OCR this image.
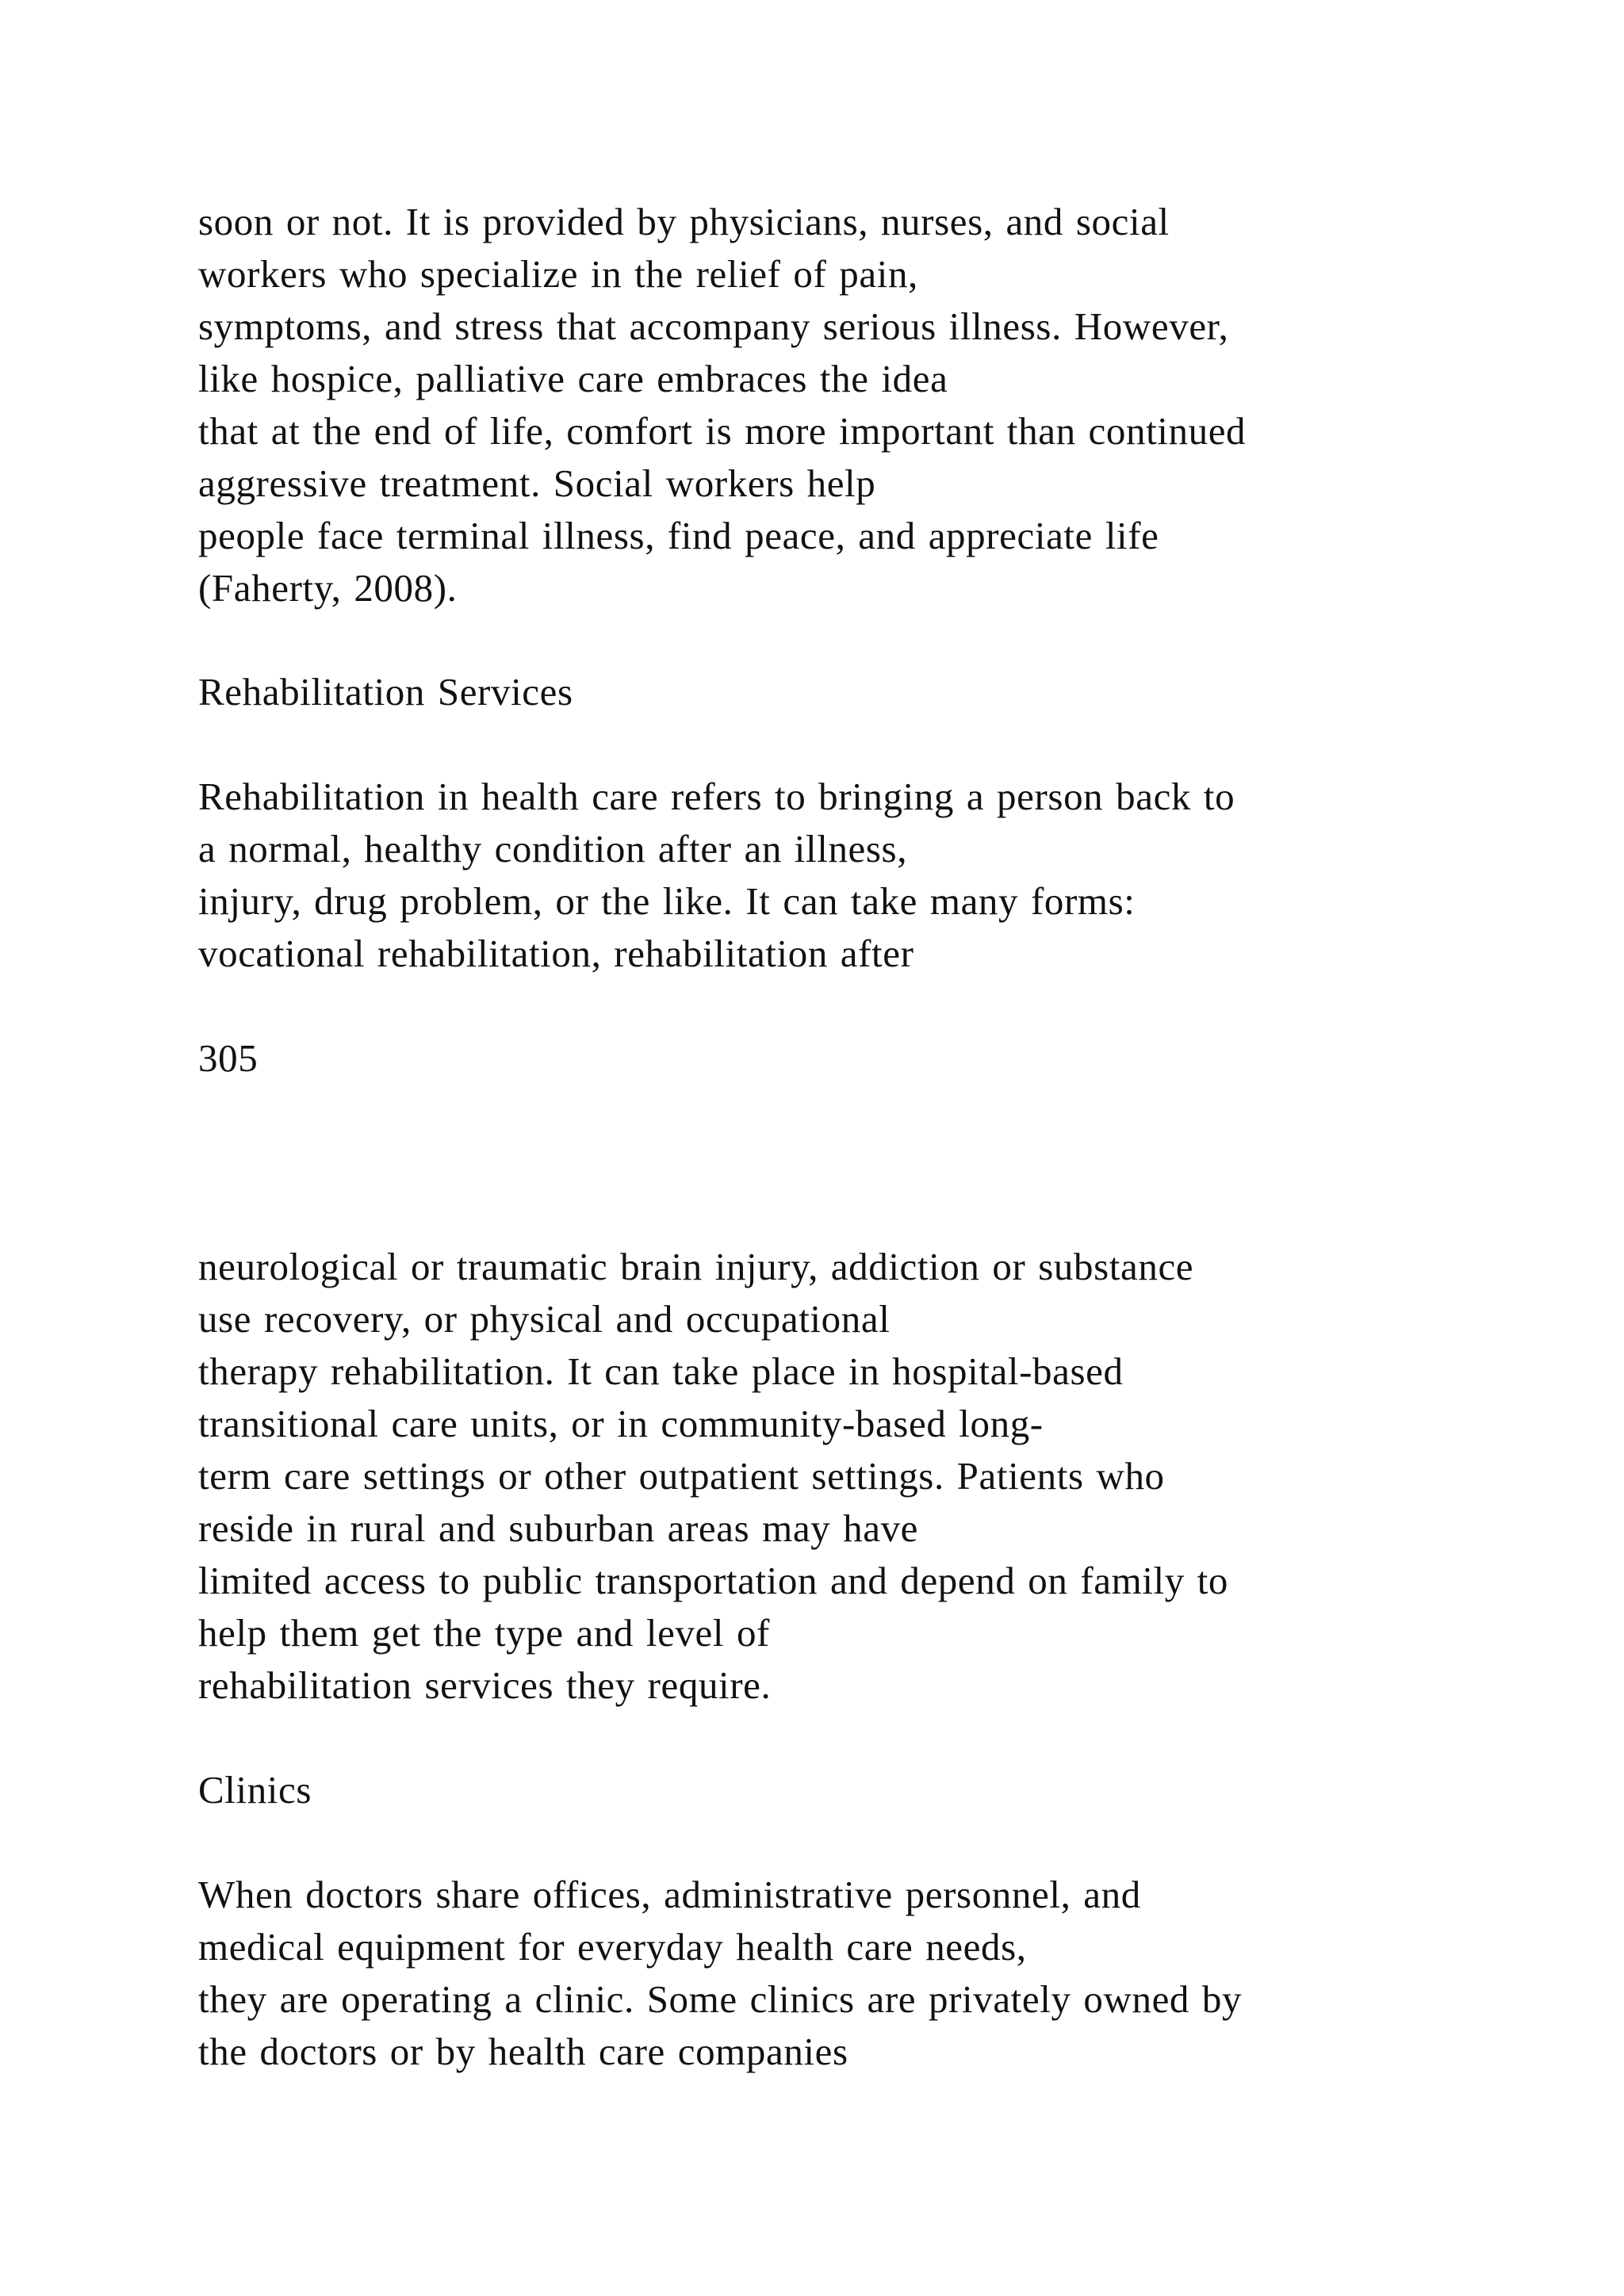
soon or not. It is provided by physicians, nurses, and social
workers who specialize in the relief of pain,
symptoms, and stress that accompany serious illness. However,
like hospice, palliative care embraces the idea
that at the end of life, comfort is more important than continued
aggressive treatment. Social workers help
people face terminal illness, find peace, and appreciate life
(Faherty, 2008).
Rehabilitation Services
Rehabilitation in health care refers to bringing a person back to
a normal, healthy condition after an illness,
injury, drug problem, or the like. It can take many forms:
vocational rehabilitation, rehabilitation after
305
neurological or traumatic brain injury, addiction or substance
use recovery, or physical and occupational
therapy rehabilitation. It can take place in hospital-based
transitional care units, or in community-based long-
term care settings or other outpatient settings. Patients who
reside in rural and suburban areas may have
limited access to public transportation and depend on family to
help them get the type and level of
rehabilitation services they require.
Clinics
When doctors share offices, administrative personnel, and
medical equipment for everyday health care needs,
they are operating a clinic. Some clinics are privately owned by
the doctors or by health care companies
